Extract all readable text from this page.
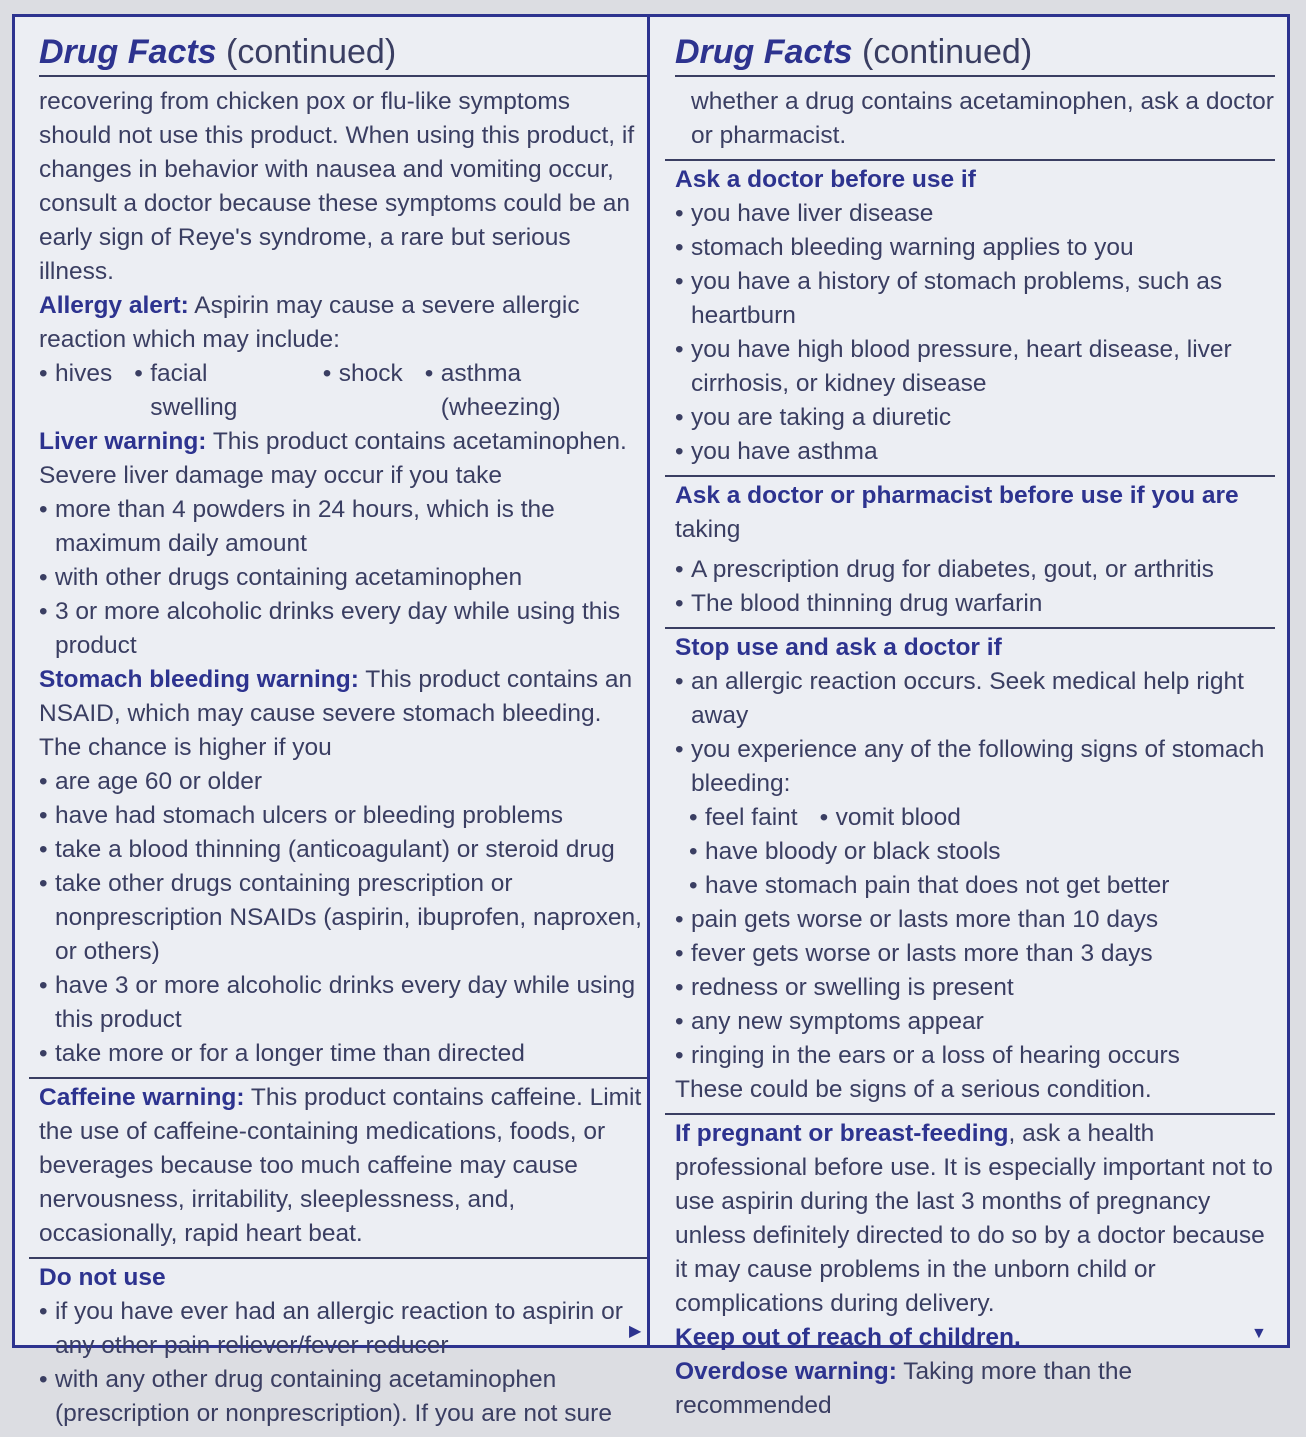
Drug Facts (continued)

recovering from chicken pox or flu-like symptoms should not use this product. When using this product, if changes in behavior with nausea and vomiting occur, consult a doctor because these symptoms could be an early sign of Reye's syndrome, a rare but serious illness.

Allergy alert: Aspirin may cause a severe allergic reaction which may include:

• hives • facial swelling
• shock • asthma (wheezing)

Liver warning: This product contains acetaminophen. Severe liver damage may occur if you take

• more than 4 powders in 24 hours, which is the maximum daily amount
• with other drugs containing acetaminophen
• 3 or more alcoholic drinks every day while using this product

Stomach bleeding warning: This product contains an NSAID, which may cause severe stomach bleeding. The chance is higher if you

• are age 60 or older
• have had stomach ulcers or bleeding problems
• take a blood thinning (anticoagulant) or steroid drug
• take other drugs containing prescription or nonprescription NSAIDs (aspirin, ibuprofen, naproxen, or others)
• have 3 or more alcoholic drinks every day while using this product
• take more or for a longer time than directed

Caffeine warning: This product contains caffeine. Limit the use of caffeine-containing medications, foods, or beverages because too much caffeine may cause nervousness, irritability, sleeplessness, and, occasionally, rapid heart beat.

Do not use

• if you have ever had an allergic reaction to aspirin or any other pain reliever/fever reducer
• with any other drug containing acetaminophen (prescription or nonprescription). If you are not sure
▶
Drug Facts (continued)

whether a drug contains acetaminophen, ask a doctor or pharmacist.

Ask a doctor before use if

• you have liver disease
• stomach bleeding warning applies to you
• you have a history of stomach problems, such as heartburn
• you have high blood pressure, heart disease, liver cirrhosis, or kidney disease
• you are taking a diuretic
• you have asthma

Ask a doctor or pharmacist before use if you are taking

• A prescription drug for diabetes, gout, or arthritis
• The blood thinning drug warfarin

Stop use and ask a doctor if

• an allergic reaction occurs. Seek medical help right away
• you experience any of the following signs of stomach bleeding:
• feel faint • vomit blood
• have bloody or black stools
• have stomach pain that does not get better
• pain gets worse or lasts more than 10 days
• fever gets worse or lasts more than 3 days
• redness or swelling is present
• any new symptoms appear
• ringing in the ears or a loss of hearing occurs

These could be signs of a serious condition.

If pregnant or breast-feeding, ask a health professional before use. It is especially important not to use aspirin during the last 3 months of pregnancy unless definitely directed to do so by a doctor because it may cause problems in the unborn child or complications during delivery.

Keep out of reach of children.

Overdose warning: Taking more than the recommended

▼
